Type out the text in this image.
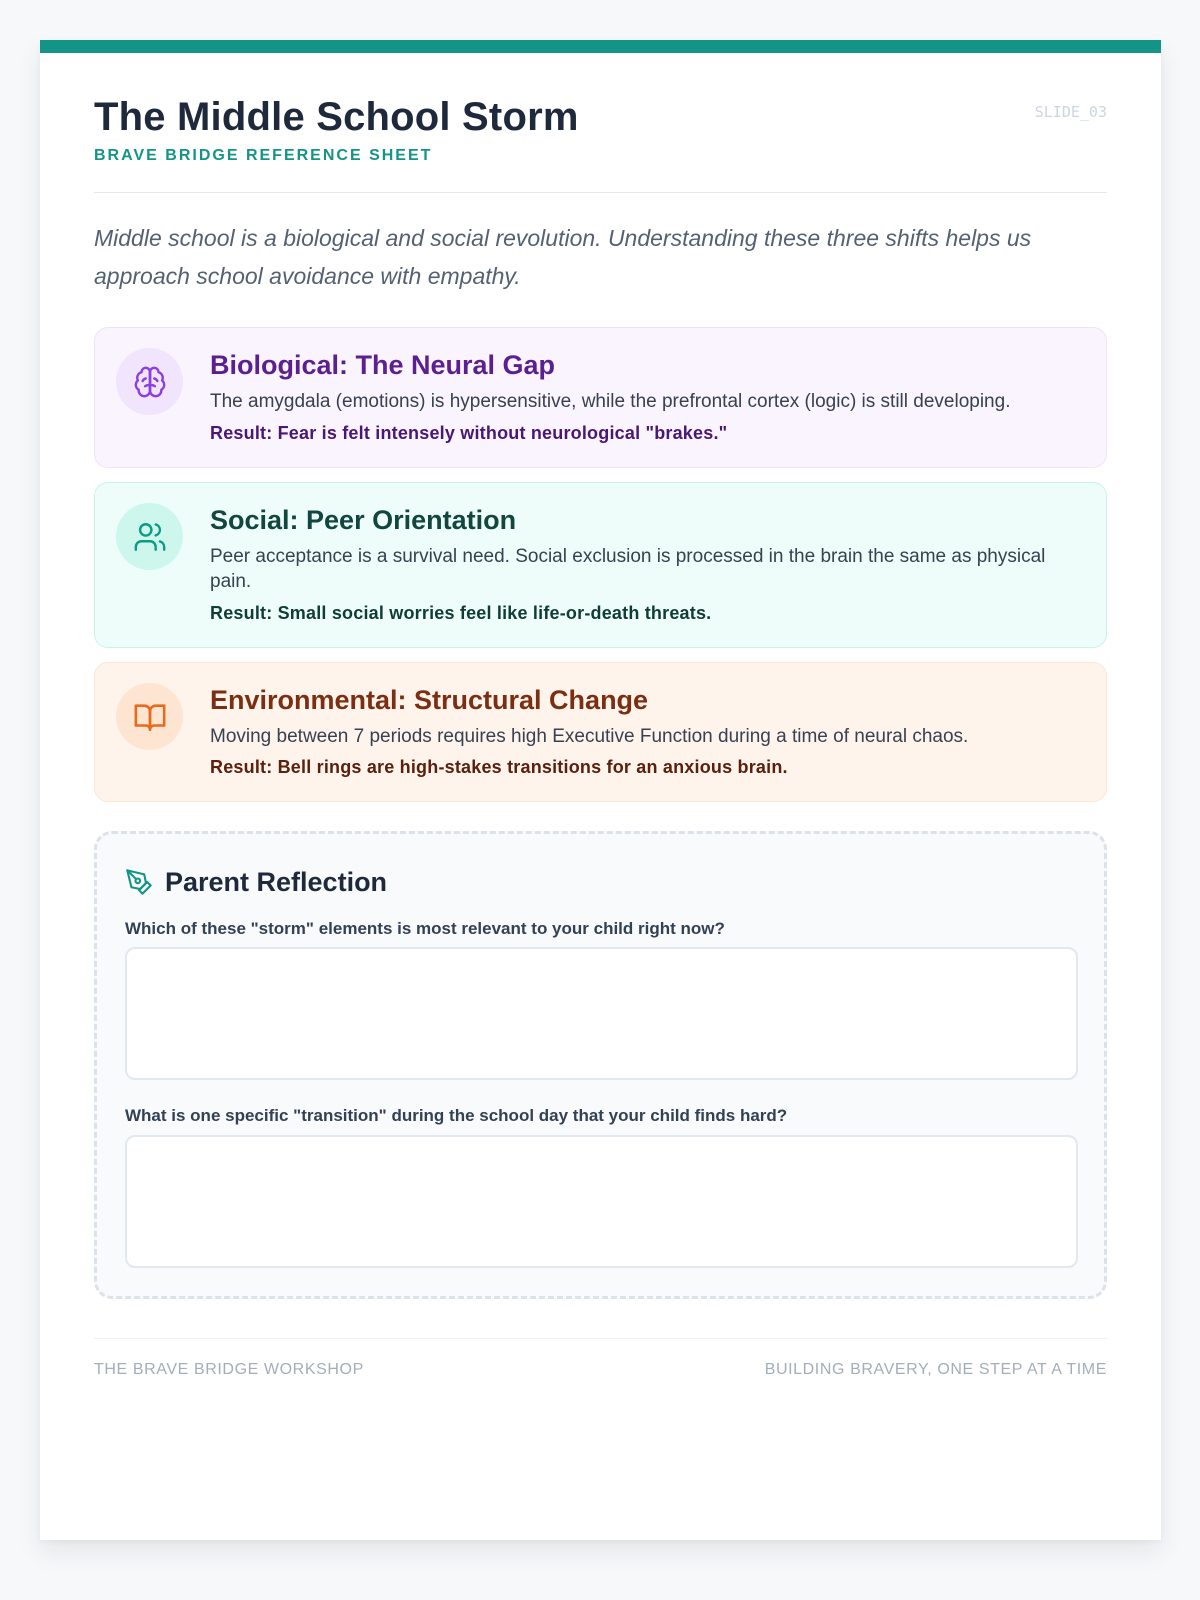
The Middle School Storm
BRAVE BRIDGE REFERENCE SHEET
SLIDE_03

Middle school is a biological and social revolution. Understanding these three shifts helps us approach school avoidance with empathy.

Biological: The Neural Gap
The amygdala (emotions) is hypersensitive, while the prefrontal cortex (logic) is still developing.
Result: Fear is felt intensely without neurological "brakes."
Social: Peer Orientation
Peer acceptance is a survival need. Social exclusion is processed in the brain the same as physical pain.
Result: Small social worries feel like life-or-death threats.
Environmental: Structural Change
Moving between 7 periods requires high Executive Function during a time of neural chaos.
Result: Bell rings are high-stakes transitions for an anxious brain.
Parent Reflection
Which of these "storm" elements is most relevant to your child right now?
What is one specific "transition" during the school day that your child finds hard?
THE BRAVE BRIDGE WORKSHOP	BUILDING BRAVERY, ONE STEP AT A TIME
